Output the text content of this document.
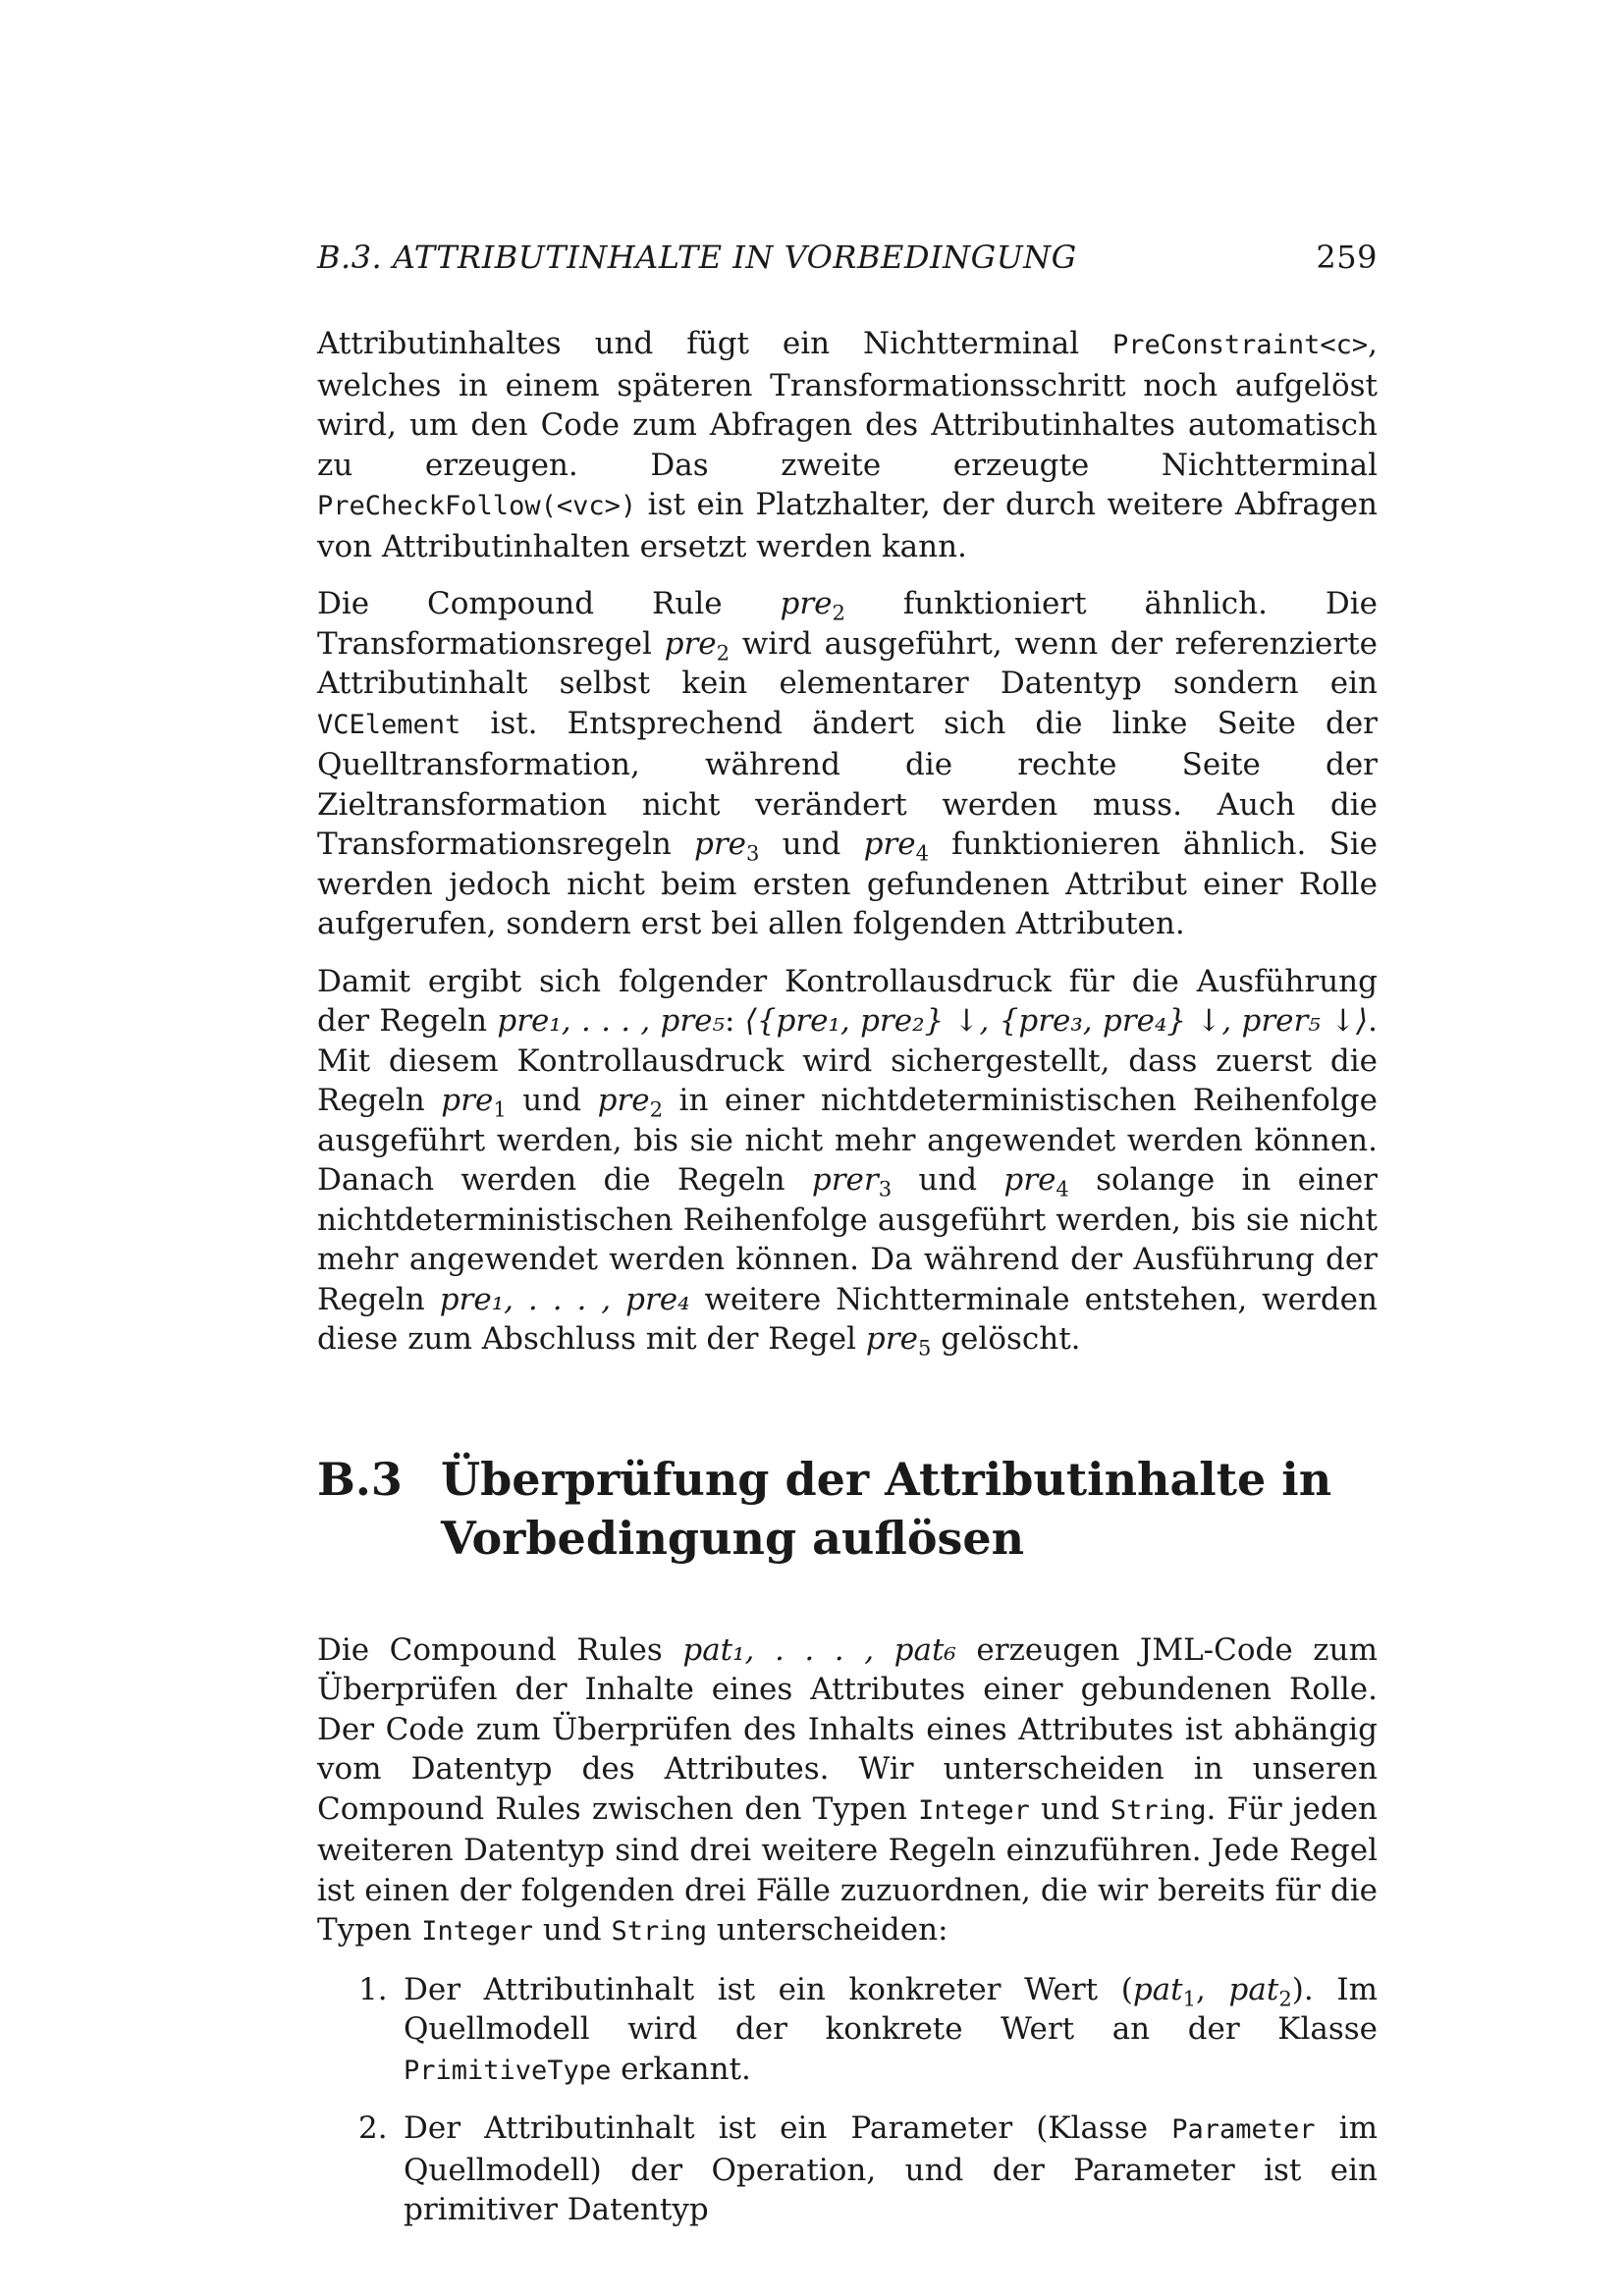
B.3. ATTRIBUTINHALTE IN VORBEDINGUNG	259

Attributinhaltes und fügt ein Nichtterminal PreConstraint<c>, welches in einem späteren Transformationsschritt noch aufgelöst wird, um den Code zum Abfragen des Attributinhaltes automatisch zu erzeugen. Das zweite erzeugte Nichtterminal PreCheckFollow(<vc>) ist ein Platzhalter, der durch weitere Abfragen von Attributinhalten ersetzt werden kann.

Die Compound Rule pre$_2$ funktioniert ähnlich. Die Transformationsregel pre$_2$ wird ausgeführt, wenn der referenzierte Attributinhalt selbst kein elementarer Datentyp sondern ein VCElement ist. Entsprechend ändert sich die linke Seite der Quelltransformation, während die rechte Seite der Zieltransformation nicht verändert werden muss. Auch die Transformationsregeln pre$_3$ und pre$_4$ funktionieren ähnlich. Sie werden jedoch nicht beim ersten gefundenen Attribut einer Rolle aufgerufen, sondern erst bei allen folgenden Attributen.

Damit ergibt sich folgender Kontrollausdruck für die Ausführung der Regeln pre₁, . . . , pre₅: ⟨{pre₁, pre₂} ↓, {pre₃, pre₄} ↓, prer₅ ↓⟩. Mit diesem Kontrollausdruck wird sichergestellt, dass zuerst die Regeln pre$_1$ und pre$_2$ in einer nichtdeterministischen Reihenfolge ausgeführt werden, bis sie nicht mehr angewendet werden können. Danach werden die Regeln prer$_3$ und pre$_4$ solange in einer nichtdeterministischen Reihenfolge ausgeführt werden, bis sie nicht mehr angewendet werden können. Da während der Ausführung der Regeln pre₁, . . . , pre₄ weitere Nichtterminale entstehen, werden diese zum Abschluss mit der Regel pre$_5$ gelöscht.

B.3 Überprüfung der Attributinhalte in Vorbedingung auflösen

Die Compound Rules pat₁, . . . , pat₆ erzeugen JML-Code zum Überprüfen der Inhalte eines Attributes einer gebundenen Rolle. Der Code zum Überprüfen des Inhalts eines Attributes ist abhängig vom Datentyp des Attributes. Wir unterscheiden in unseren Compound Rules zwischen den Typen Integer und String. Für jeden weiteren Datentyp sind drei weitere Regeln einzuführen. Jede Regel ist einen der folgenden drei Fälle zuzuordnen, die wir bereits für die Typen Integer und String unterscheiden:

1. Der Attributinhalt ist ein konkreter Wert (pat$_1$, pat$_2$). Im Quellmodell wird der konkrete Wert an der Klasse PrimitiveType erkannt.
2. Der Attributinhalt ist ein Parameter (Klasse Parameter im Quellmodell) der Operation, und der Parameter ist ein primitiver Datentyp
